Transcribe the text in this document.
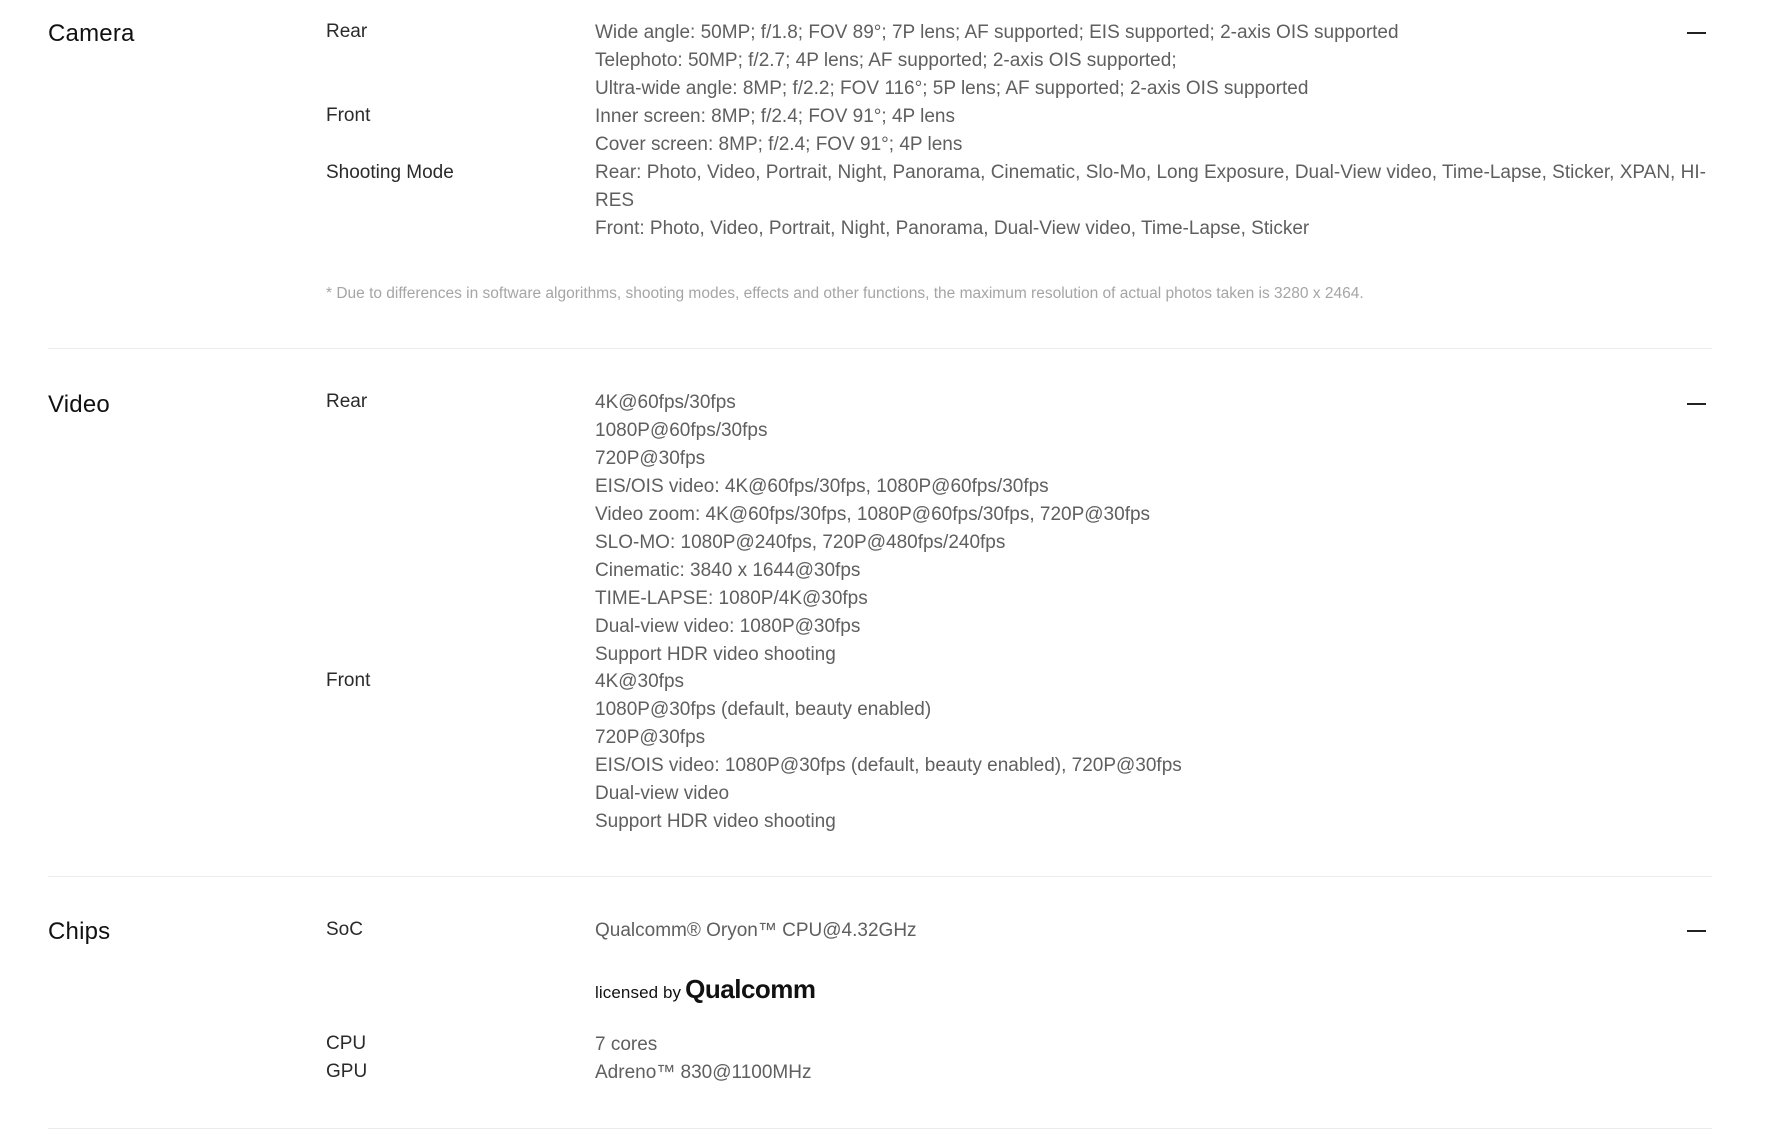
Camera	Rear	Wide angle: 50MP; f/1.8; FOV 89°; 7P lens; AF supported; EIS supported; 2-axis OIS supported
Telephoto: 50MP; f/2.7; 4P lens; AF supported; 2-axis OIS supported;
Ultra-wide angle: 8MP; f/2.2; FOV 116°; 5P lens; AF supported; 2-axis OIS supported
Front	Inner screen: 8MP; f/2.4; FOV 91°; 4P lens
Cover screen: 8MP; f/2.4; FOV 91°; 4P lens
Shooting Mode	Rear: Photo, Video, Portrait, Night, Panorama, Cinematic, Slo-Mo, Long Exposure, Dual-View video, Time-Lapse, Sticker, XPAN, HI-RES
Front: Photo, Video, Portrait, Night, Panorama, Dual-View video, Time-Lapse, Sticker
* Due to differences in software algorithms, shooting modes, effects and other functions, the maximum resolution of actual photos taken is 3280 x 2464.
Video	Rear	4K@60fps/30fps
1080P@60fps/30fps
720P@30fps
EIS/OIS video: 4K@60fps/30fps, 1080P@60fps/30fps
Video zoom: 4K@60fps/30fps, 1080P@60fps/30fps, 720P@30fps
SLO-MO: 1080P@240fps, 720P@480fps/240fps
Cinematic: 3840 x 1644@30fps
TIME-LAPSE: 1080P/4K@30fps
Dual-view video: 1080P@30fps
Support HDR video shooting
Front	4K@30fps
1080P@30fps (default, beauty enabled)
720P@30fps
EIS/OIS video: 1080P@30fps (default, beauty enabled), 720P@30fps
Dual-view video
Support HDR video shooting
Chips	SoC	Qualcomm® Oryon™ CPU@4.32GHz
licensed by Qualcomm
CPU	7 cores
GPU	Adreno™ 830@1100MHz
